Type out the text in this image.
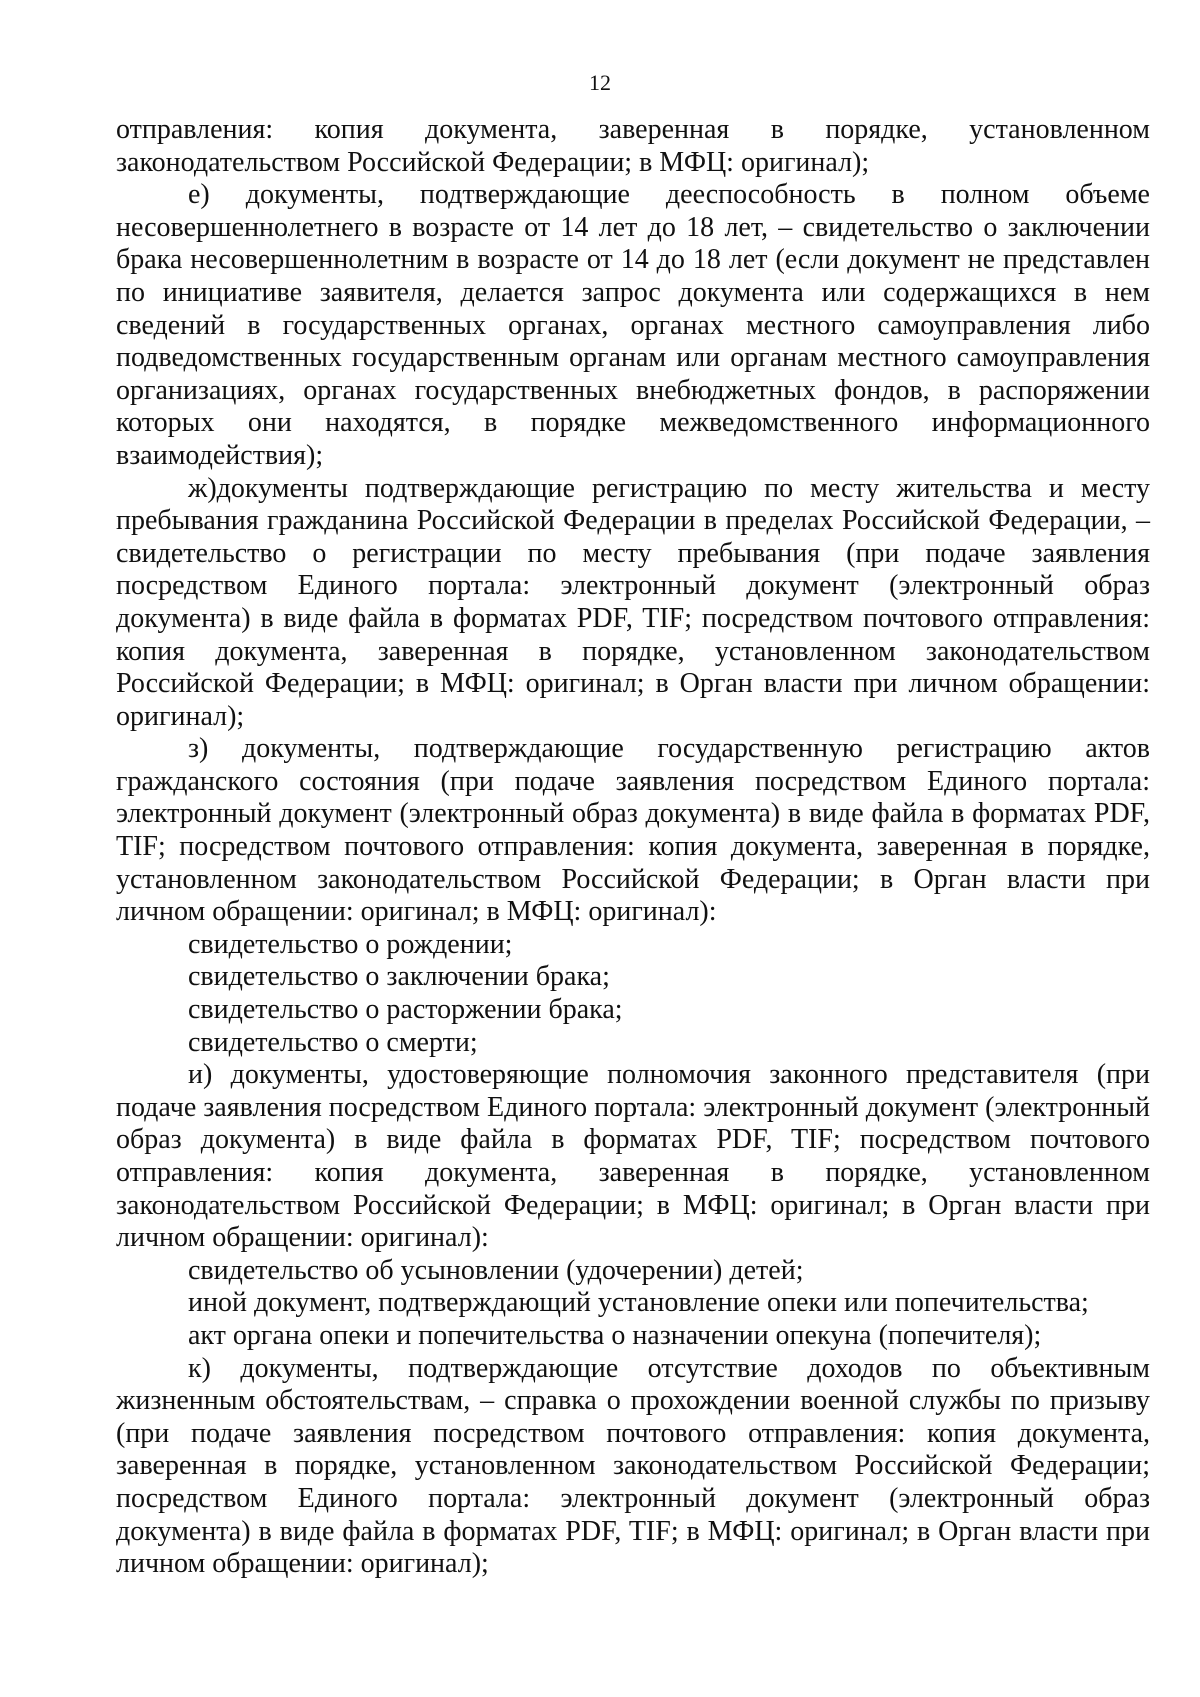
12

отправления: копия документа, заверенная в порядке, установленном законодательством Российской Федерации; в МФЦ: оригинал);

е) документы, подтверждающие дееспособность в полном объеме несовершеннолетнего в возрасте от 14 лет до 18 лет, – свидетельство о заключении брака несовершеннолетним в возрасте от 14 до 18 лет (если документ не представлен по инициативе заявителя, делается запрос документа или содержащихся в нем сведений в государственных органах, органах местного самоуправления либо подведомственных государственным органам или органам местного самоуправления организациях, органах государственных внебюджетных фондов, в распоряжении которых они находятся, в порядке межведомственного информационного взаимодействия);

ж)документы подтверждающие регистрацию по месту жительства и месту пребывания гражданина Российской Федерации в пределах Российской Федерации, – свидетельство о регистрации по месту пребывания (при подаче заявления посредством Единого портала: электронный документ (электронный образ документа) в виде файла в форматах PDF, TIF; посредством почтового отправления: копия документа, заверенная в порядке, установленном законодательством Российской Федерации; в МФЦ: оригинал; в Орган власти при личном обращении: оригинал);

з) документы, подтверждающие государственную регистрацию актов гражданского состояния (при подаче заявления посредством Единого портала: электронный документ (электронный образ документа) в виде файла в форматах PDF, TIF; посредством почтового отправления: копия документа, заверенная в порядке, установленном законодательством Российской Федерации; в Орган власти при личном обращении: оригинал; в МФЦ: оригинал):

свидетельство о рождении;

свидетельство о заключении брака;

свидетельство о расторжении брака;

свидетельство о смерти;

и) документы, удостоверяющие полномочия законного представителя (при подаче заявления посредством Единого портала: электронный документ (электронный образ документа) в виде файла в форматах PDF, TIF; посредством почтового отправления: копия документа, заверенная в порядке, установленном законодательством Российской Федерации; в МФЦ: оригинал; в Орган власти при личном обращении: оригинал):

свидетельство об усыновлении (удочерении) детей;

иной документ, подтверждающий установление опеки или попечительства;

акт органа опеки и попечительства о назначении опекуна (попечителя);

к) документы, подтверждающие отсутствие доходов по объективным жизненным обстоятельствам, – справка о прохождении военной службы по призыву (при подаче заявления посредством почтового отправления: копия документа, заверенная в порядке, установленном законодательством Российской Федерации; посредством Единого портала: электронный документ (электронный образ документа) в виде файла в форматах PDF, TIF; в МФЦ: оригинал; в Орган власти при личном обращении: оригинал);
